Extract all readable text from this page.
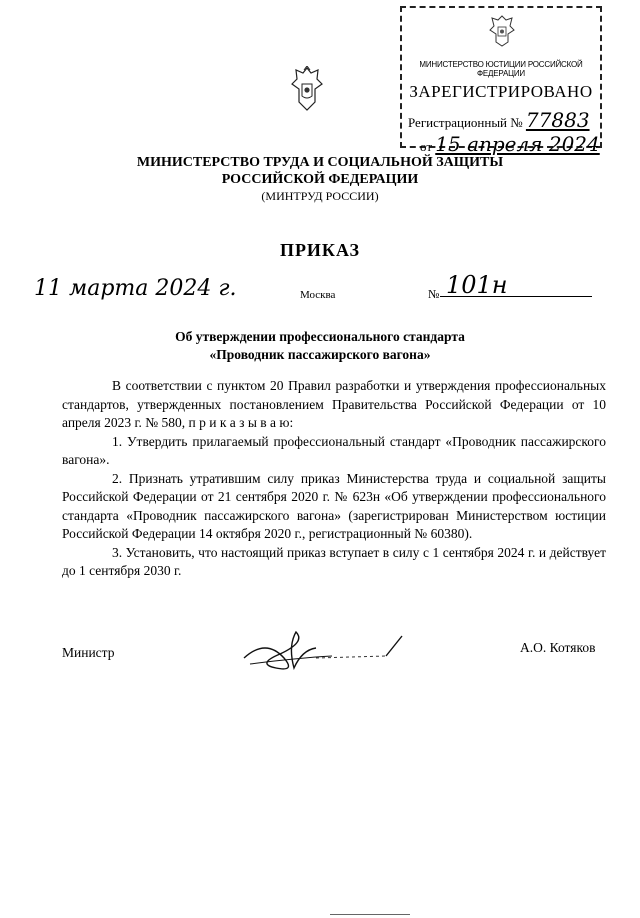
МИНИСТЕРСТВО ЮСТИЦИИ РОССИЙСКОЙ ФЕДЕРАЦИИ
ЗАРЕГИСТРИРОВАНО
Регистрационный № 77883
от 15 апреля 2024
МИНИСТЕРСТВО ТРУДА И СОЦИАЛЬНОЙ ЗАЩИТЫ
РОССИЙСКОЙ ФЕДЕРАЦИИ
(МИНТРУД РОССИИ)
ПРИКАЗ
11 марта 2024 г.	Москва	№ 101н
Об утверждении профессионального стандарта
«Проводник пассажирского вагона»

В соответствии с пунктом 20 Правил разработки и утверждения профессиональных стандартов, утвержденных постановлением Правительства Российской Федерации от 10 апреля 2023 г. № 580, п р и к а з ы в а ю:

1. Утвердить прилагаемый профессиональный стандарт «Проводник пассажирского вагона».

2. Признать утратившим силу приказ Министерства труда и социальной защиты Российской Федерации от 21 сентября 2020 г. № 623н «Об утверждении профессионального стандарта «Проводник пассажирского вагона» (зарегистрирован Министерством юстиции Российской Федерации 14 октября 2020 г., регистрационный № 60380).

3. Установить, что настоящий приказ вступает в силу с 1 сентября 2024 г. и действует до 1 сентября 2030 г.

Министр	А.О. Котяков
